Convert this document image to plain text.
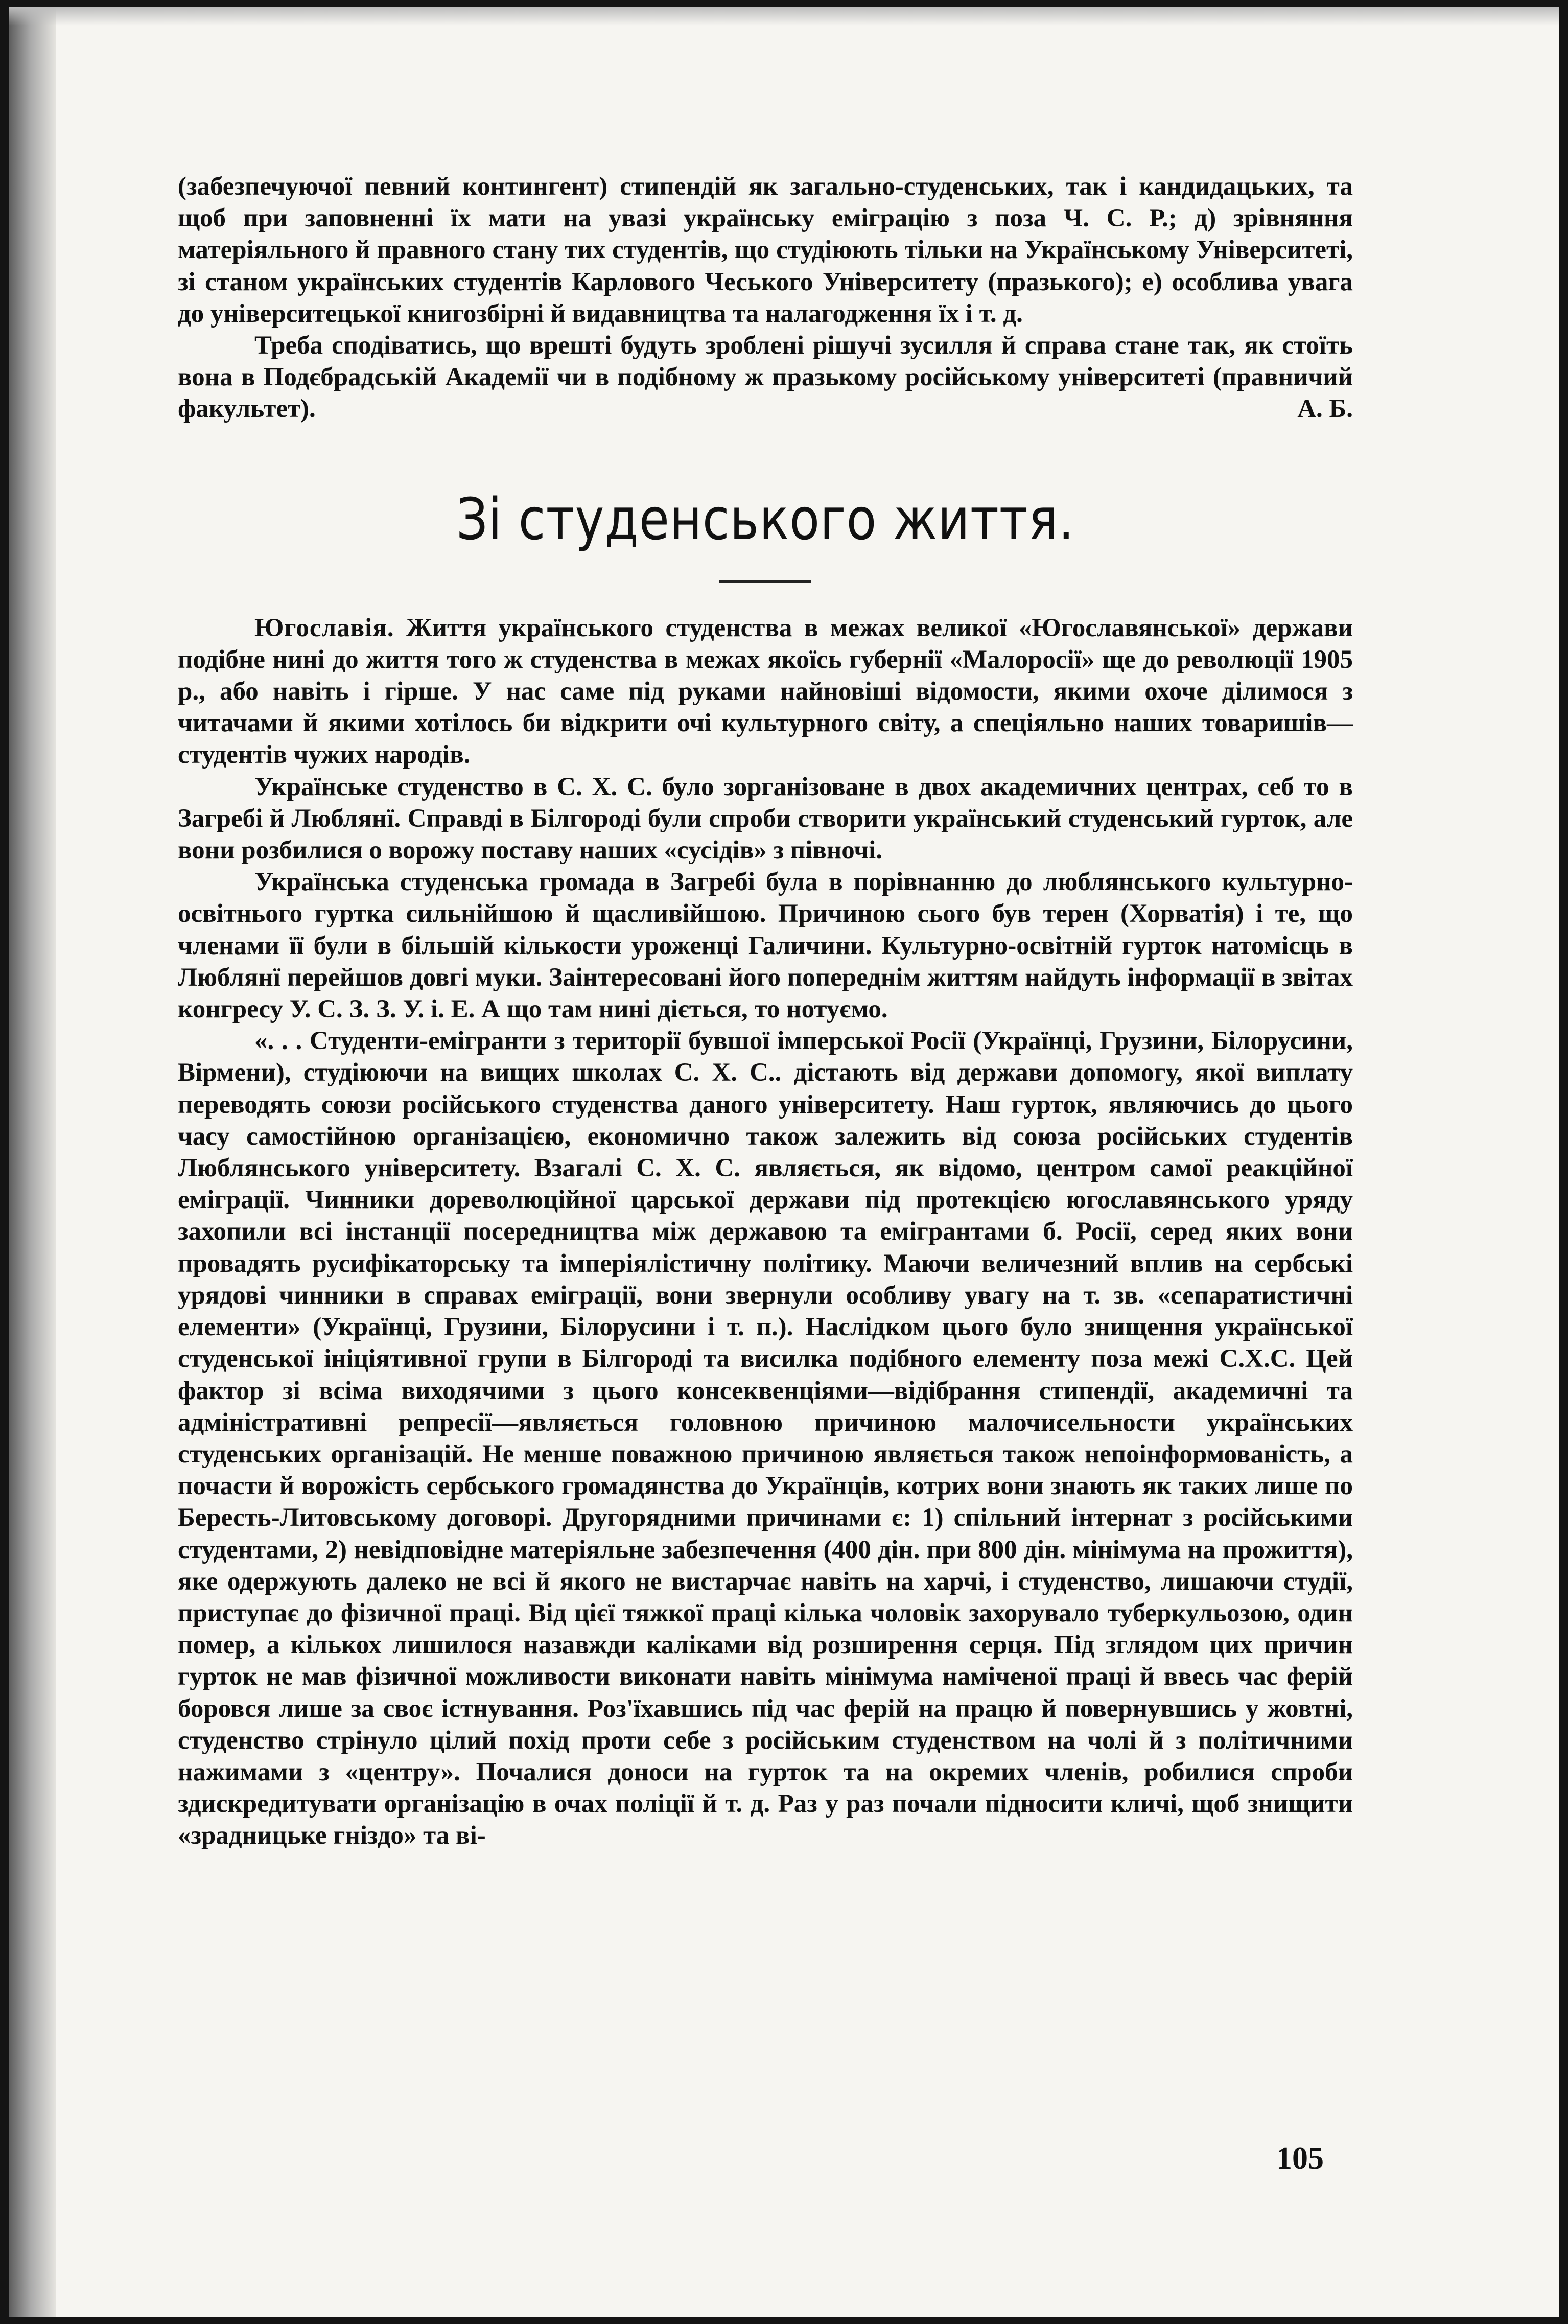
(забезпечуючої певний контингент) стипендій як загально-студенських, так і кандидацьких, та щоб при заповненні їх мати на увазі українську еміграцію з поза Ч. С. Р.; д) зрівняння матеріяльного й правного стану тих студентів, що студіюють тільки на Українському Університеті, зі станом українських студентів Карлового Чеського Університету (празького); е) особлива увага до університецької книгозбірні й видавництва та налагодження їх і т. д.

Треба сподіватись, що врешті будуть зроблені рішучі зусилля й справа стане так, як стоїть вона в Подєбрадській Академії чи в подібному ж празькому російському університеті (правничий факультет).	А. Б.

Зі студенського життя.

Югославія. Життя українського студенства в межах великої «Югославянської» держави подібне нині до життя того ж студенства в межах якоїсь губернії «Малоросії» ще до революції 1905 р., або навіть і гірше. У нас саме під руками найновіші відомости, якими охоче ділимося з читачами й якими хотілось би відкрити очі культурного світу, а спеціяльно наших товаришів—студентів чужих народів.

Українське студенство в С. Х. С. було зорганізоване в двох академичних центрах, себ то в Загребі й Люблянї. Справді в Білгороді були спроби створити український студенський гурток, але вони розбилися о ворожу поставу наших «сусідів» з півночі.

Українська студенська громада в Загребі була в порівнанню до люблянського культурно-освітнього гуртка сильнійшою й щасливійшою. Причиною сього був терен (Хорватія) і те, що членами її були в більшій кількости уроженці Галичини. Культурно-освітній гурток натомісць в Люблянї перейшов довгі муки. Заінтересовані його попереднім життям найдуть інформації в звітах конгресу У. С. З. З. У. і. Е. А що там нині діється, то нотуємо.

«. . . Студенти-емігранти з території бувшої імперської Росії (Українці, Грузини, Білорусини, Вірмени), студіюючи на вищих школах С. Х. С.. дістають від держави допомогу, якої виплату переводять союзи російського студенства даного університету. Наш гурток, являючись до цього часу самостійною організацією, економично також залежить від союза російських студентів Люблянського університету. Взагалі С. Х. С. являється, як відомо, центром самої реакційної еміграції. Чинники дореволюційної царської держави під протекцією югославянського уряду захопили всі інстанції посередництва між державою та емігрантами б. Росії, серед яких вони провадять русифікаторську та імперіялістичну політику. Маючи величезний вплив на сербські урядові чинники в справах еміграції, вони звернули особливу увагу на т. зв. «сепаратистичні елементи» (Українці, Грузини, Білорусини і т. п.). Наслідком цього було знищення української студенської ініціятивної групи в Білгороді та висилка подібного елементу поза межі С.Х.С. Цей фактор зі всіма виходячими з цього консеквенціями—відібрання стипендії, академичні та адміністративні репресії—являється головною причиною малочисельности українських студенських організацій. Не менше поважною причиною являється також непоінформованість, а почасти й ворожість сербського громадянства до Українців, котрих вони знають як таких лише по Бересть-Литовському договорі. Другорядними причинами є: 1) спільний інтернат з російськими студентами, 2) невідповідне матеріяльне забезпечення (400 дін. при 800 дін. мінімума на прожиття), яке одержують далеко не всі й якого не вистарчає навіть на харчі, і студенство, лишаючи студії, приступає до фізичної праці. Від цієї тяжкої праці кілька чоловік захорувало туберкульозою, один помер, а кількох лишилося назавжди каліками від розширення серця. Під зглядом цих причин гурток не мав фізичної можливости виконати навіть мінімума наміченої праці й ввесь час ферій боровся лише за своє істнування. Роз'їхавшись під час ферій на працю й повернувшись у жовтні, студенство стрінуло цілий похід проти себе з російським студенством на чолі й з політичними нажимами з «центру». Почалися доноси на гурток та на окремих членів, робилися спроби здискредитувати організацію в очах поліції й т. д. Раз у раз почали підносити кличі, щоб знищити «зрадницьке гніздо» та ві-

105
